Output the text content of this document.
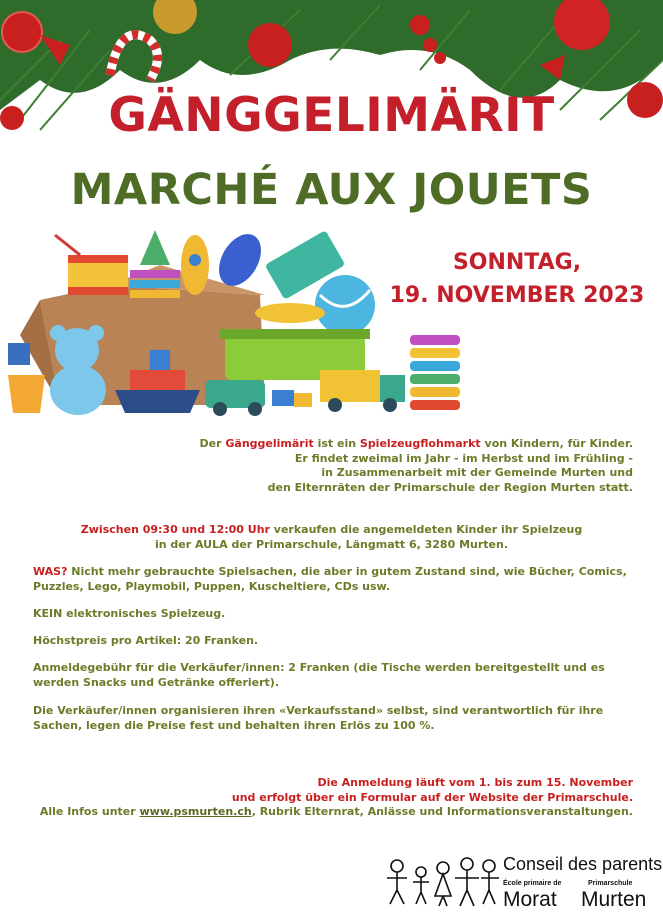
GÄNGGELIMÄRIT
MARCHÉ AUX JOUETS
SONNTAG,
19. NOVEMBER 2023
Der Gänggelimärit ist ein Spielzeugflohmarkt von Kindern, für Kinder.
Er findet zweimal im Jahr - im Herbst und im Frühling -
in Zusammenarbeit mit der Gemeinde Murten und
den Elternräten der Primarschule der Region Murten statt.
Zwischen 09:30 und 12:00 Uhr verkaufen die angemeldeten Kinder ihr Spielzeug
in der AULA der Primarschule, Längmatt 6, 3280 Murten.
WAS? Nicht mehr gebrauchte Spielsachen, die aber in gutem Zustand sind, wie Bücher, Comics, Puzzles, Lego, Playmobil, Puppen, Kuscheltiere, CDs usw.
KEIN elektronisches Spielzeug.
Höchstpreis pro Artikel: 20 Franken.
Anmeldegebühr für die Verkäufer/innen: 2 Franken (die Tische werden bereitgestellt und es werden Snacks und Getränke offeriert).
Die Verkäufer/innen organisieren ihren «Verkaufsstand» selbst, sind verantwortlich für ihre Sachen, legen die Preise fest und behalten ihren Erlös zu 100 %.
Die Anmeldung läuft vom 1. bis zum 15. November
und erfolgt über ein Formular auf der Website der Primarschule.
Alle Infos unter www.psmurten.ch, Rubrik Elternrat, Anlässe und Informationsveranstaltungen.
Conseil des parents
École primaire de	Primarschule
Morat Murten
